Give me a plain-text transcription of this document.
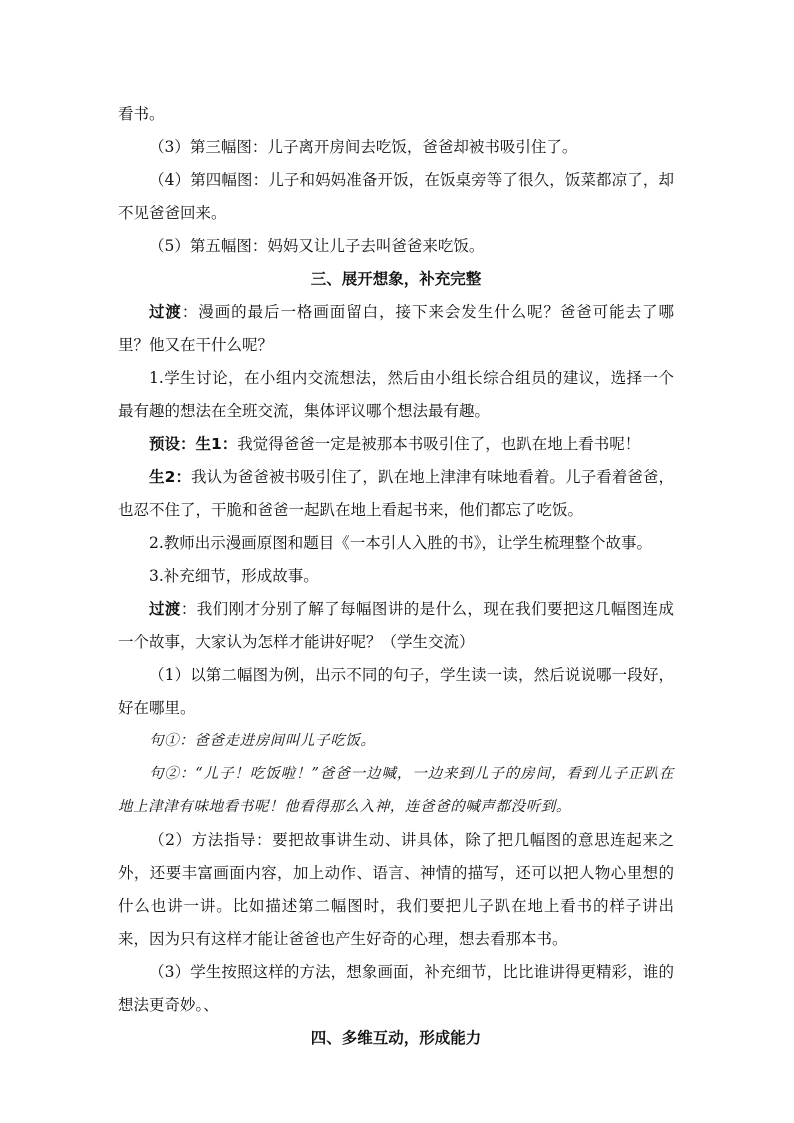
看书。

（3）第三幅图：儿子离开房间去吃饭，爸爸却被书吸引住了。

（4）第四幅图：儿子和妈妈准备开饭，在饭桌旁等了很久，饭菜都凉了，却不见爸爸回来。

（5）第五幅图：妈妈又让儿子去叫爸爸来吃饭。

三、展开想象，补充完整

过渡：漫画的最后一格画面留白，接下来会发生什么呢？爸爸可能去了哪里？他又在干什么呢？

1.学生讨论，在小组内交流想法，然后由小组长综合组员的建议，选择一个最有趣的想法在全班交流，集体评议哪个想法最有趣。

预设：生1：我觉得爸爸一定是被那本书吸引住了，也趴在地上看书呢！

生2：我认为爸爸被书吸引住了，趴在地上津津有味地看着。儿子看着爸爸，也忍不住了，干脆和爸爸一起趴在地上看起书来，他们都忘了吃饭。

2.教师出示漫画原图和题目《一本引人入胜的书》，让学生梳理整个故事。

3.补充细节，形成故事。

过渡：我们刚才分别了解了每幅图讲的是什么，现在我们要把这几幅图连成一个故事，大家认为怎样才能讲好呢？（学生交流）

（1）以第二幅图为例，出示不同的句子，学生读一读，然后说说哪一段好，好在哪里。

句①：爸爸走进房间叫儿子吃饭。

句②：“儿子！吃饭啦！”爸爸一边喊，一边来到儿子的房间，看到儿子正趴在地上津津有味地看书呢！他看得那么入神，连爸爸的喊声都没听到。

（2）方法指导：要把故事讲生动、讲具体，除了把几幅图的意思连起来之外，还要丰富画面内容，加上动作、语言、神情的描写，还可以把人物心里想的什么也讲一讲。比如描述第二幅图时，我们要把儿子趴在地上看书的样子讲出来，因为只有这样才能让爸爸也产生好奇的心理，想去看那本书。

（3）学生按照这样的方法，想象画面，补充细节，比比谁讲得更精彩，谁的想法更奇妙。、

四、多维互动，形成能力
